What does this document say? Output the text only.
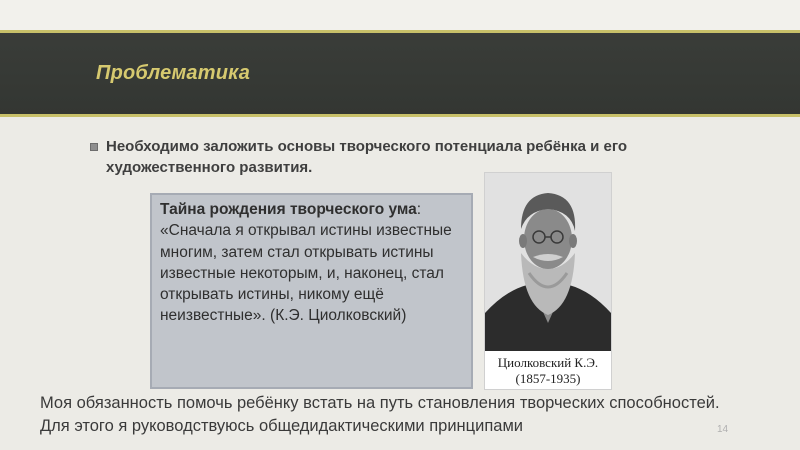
Проблематика
Необходимо заложить основы творческого потенциала ребёнка и его художественного развития.
Тайна рождения творческого ума: «Сначала я открывал истины известные многим, затем стал открывать истины известные некоторым, и, наконец, стал открывать истины, никому ещё неизвестные». (К.Э. Циолковский)
Циолковский К.Э.
(1857-1935)
Моя обязанность помочь ребёнку встать на путь становления творческих способностей. Для этого я руководствуюсь общедидактическими принципами	14
